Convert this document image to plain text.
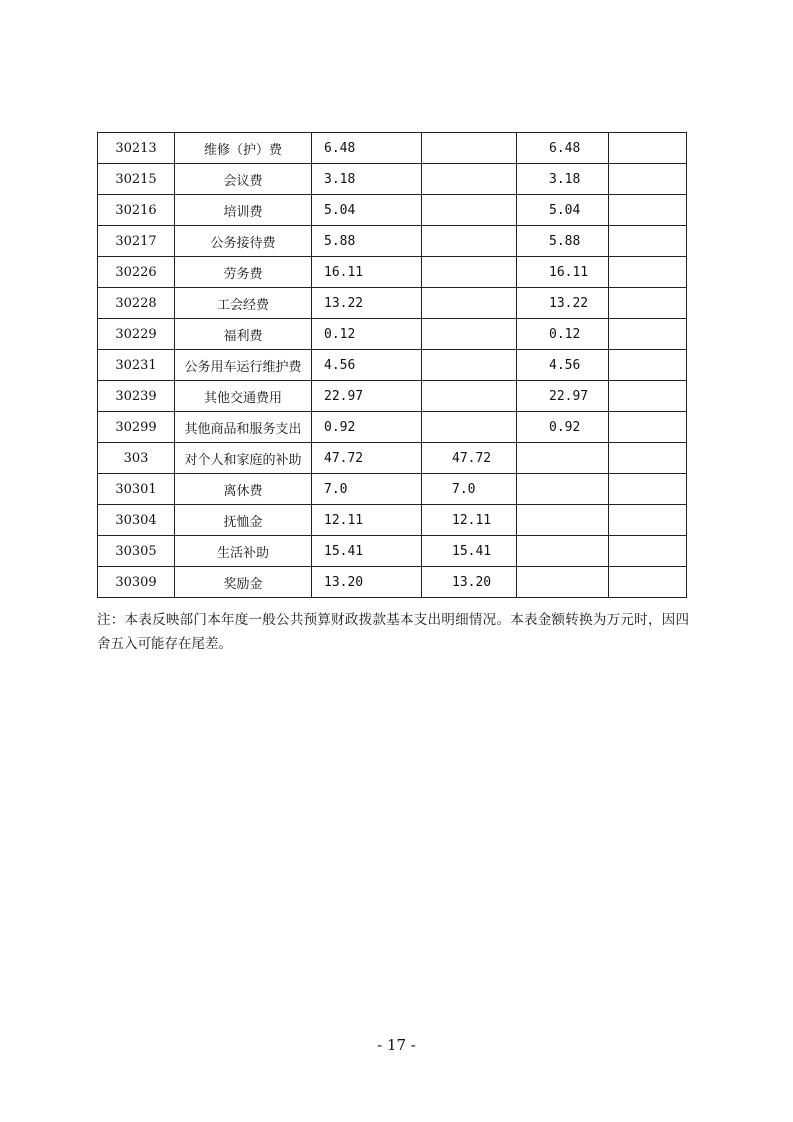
30213	维修（护）费	6.48		6.48	
30215	会议费	3.18		3.18	
30216	培训费	5.04		5.04	
30217	公务接待费	5.88		5.88	
30226	劳务费	16.11		16.11	
30228	工会经费	13.22		13.22	
30229	福利费	0.12		0.12	
30231	公务用车运行维护费	4.56		4.56	
30239	其他交通费用	22.97		22.97	
30299	其他商品和服务支出	0.92		0.92	
303	对个人和家庭的补助	47.72	47.72		
30301	离休费	7.0	7.0		
30304	抚恤金	12.11	12.11		
30305	生活补助	15.41	15.41		
30309	奖励金	13.20	13.20		
注：本表反映部门本年度一般公共预算财政拨款基本支出明细情况。本表金额转换为万元时，因四舍五入可能存在尾差。
- 17 -
